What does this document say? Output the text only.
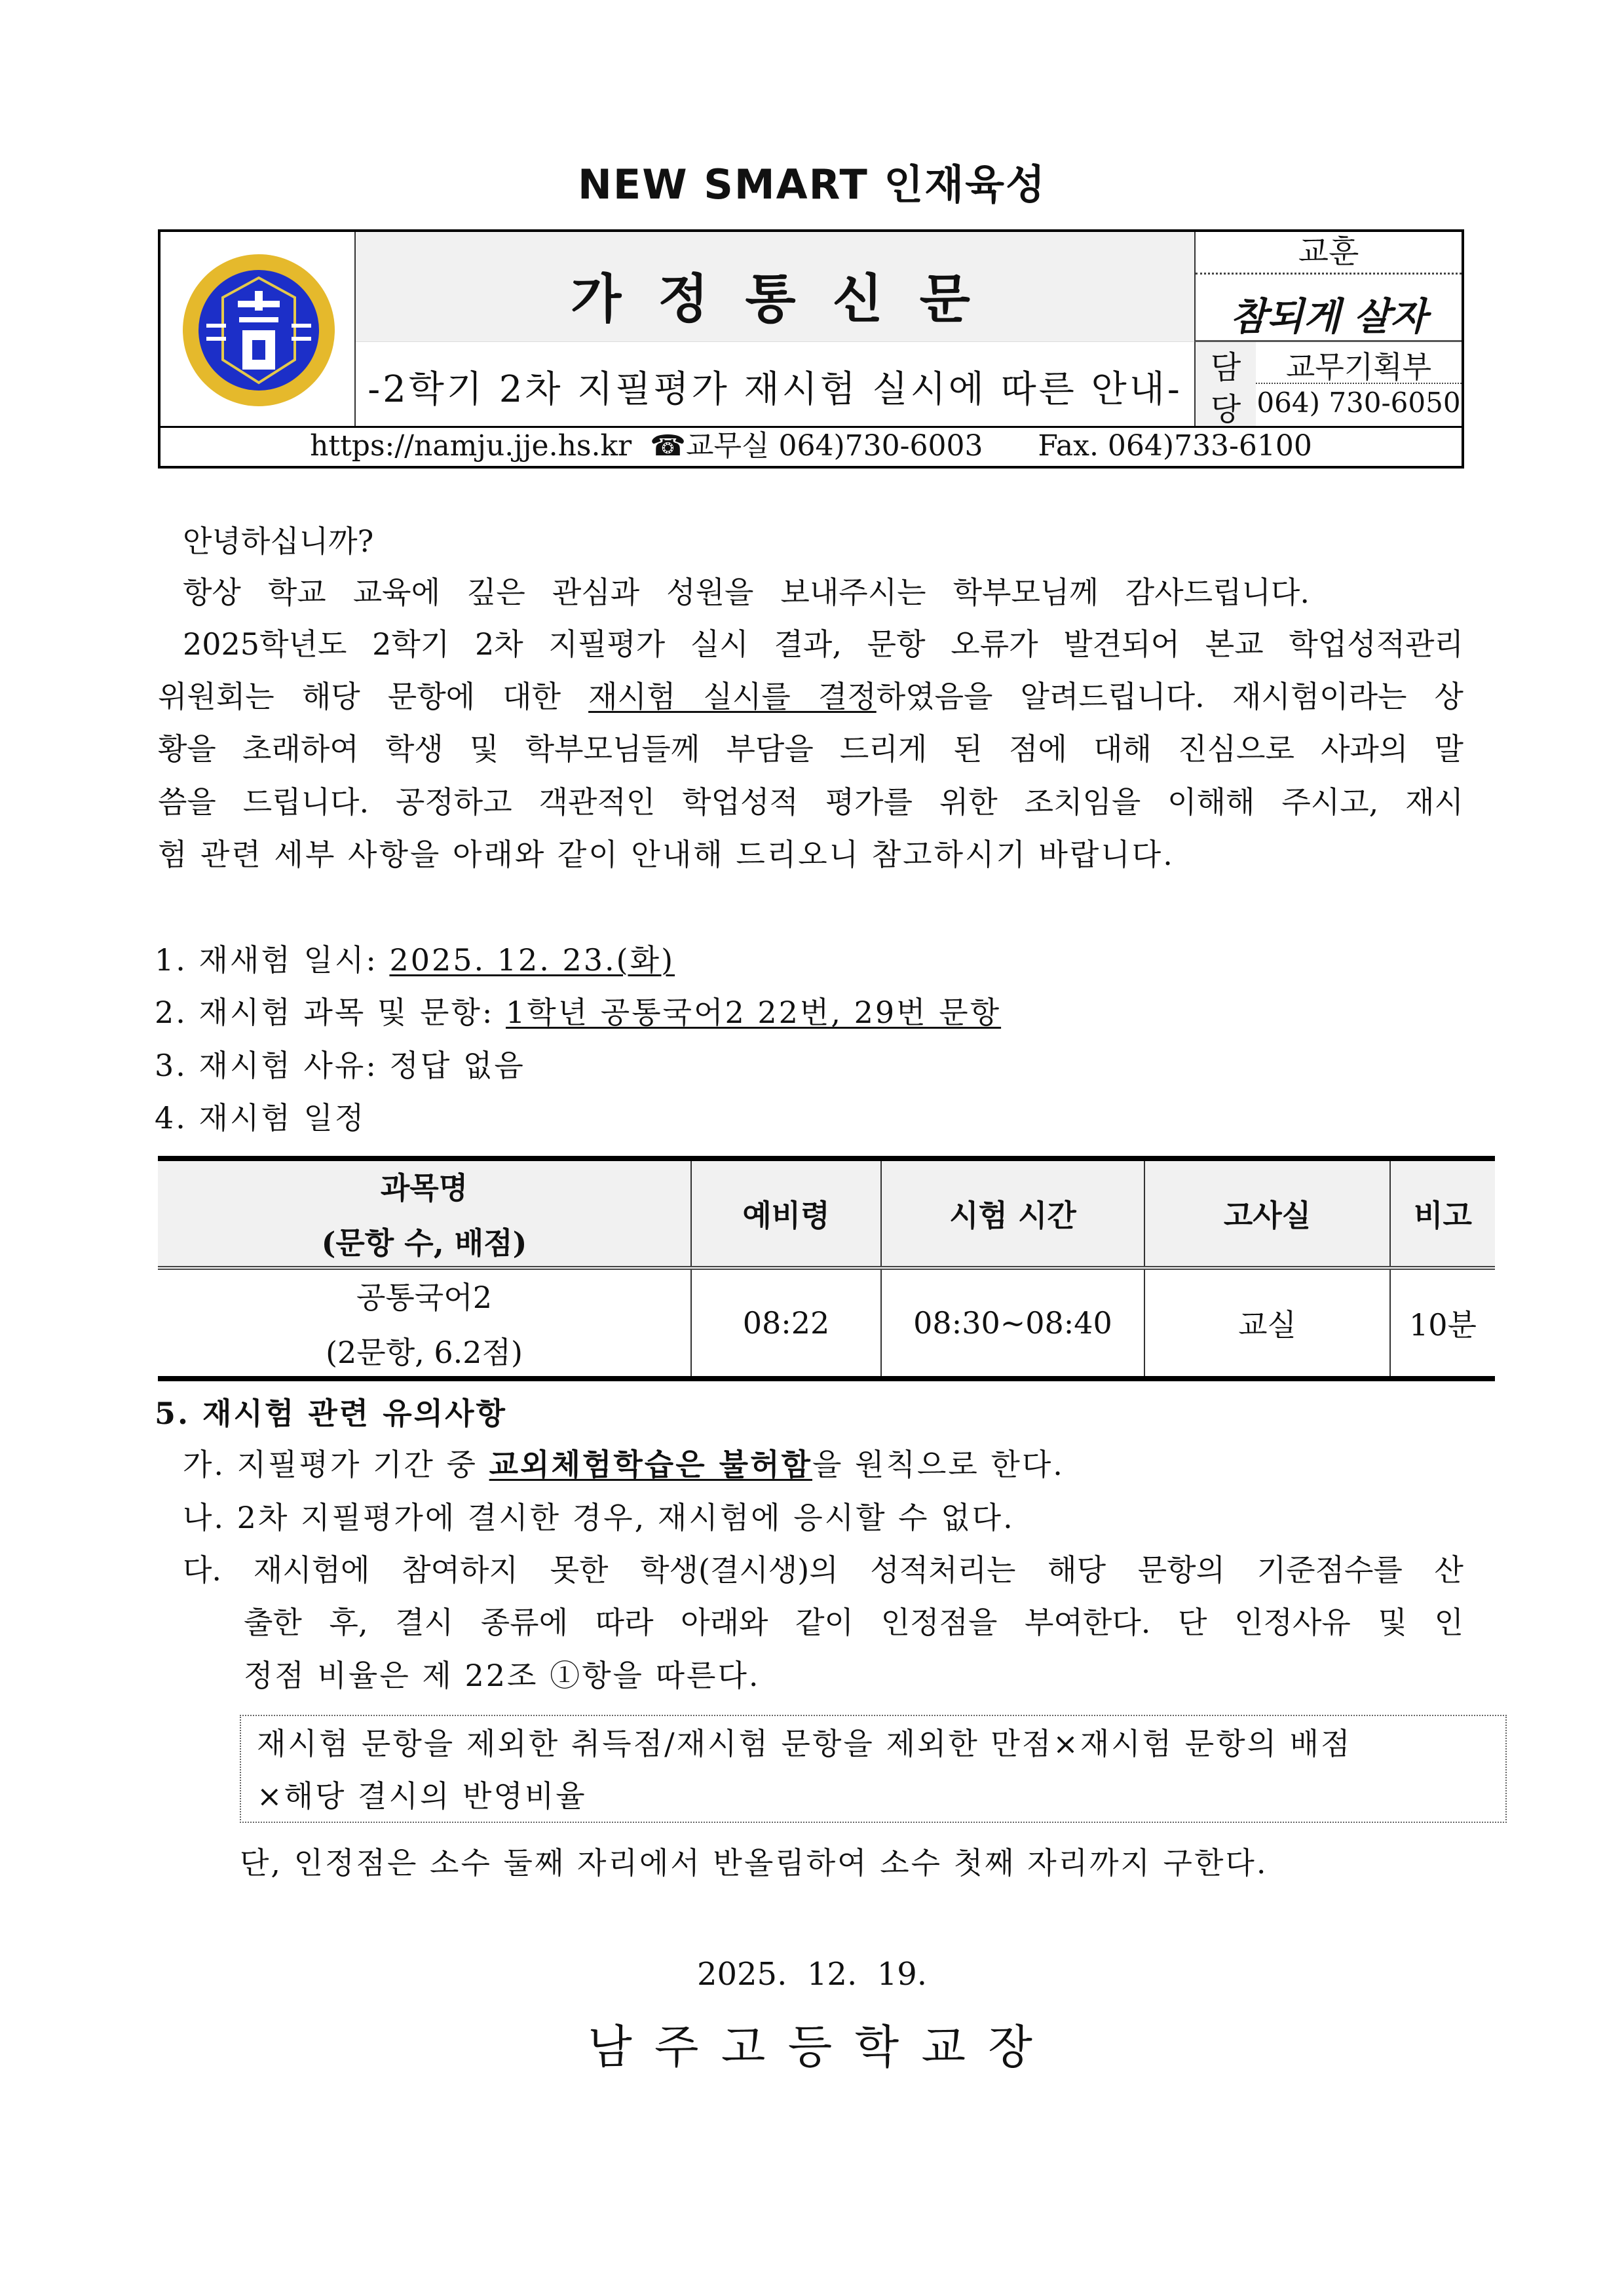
NEW SMART 인재육성
가 정 통 신 문
-2학기 2차 지필평가 재시험 실시에 따른 안내-
교훈
참되게 살자
담
당
교무기획부
064) 730-6050
https://namju.jje.hs.kr ☎교무실 064)730-6003 Fax. 064)733-6100
안녕하십니까?
항상 학교 교육에 깊은 관심과 성원을 보내주시는 학부모님께 감사드립니다.
2025학년도 2학기 2차 지필평가 실시 결과, 문항 오류가 발견되어 본교 학업성적관리
위원회는 해당 문항에 대한 재시험 실시를 결정하였음을 알려드립니다. 재시험이라는 상
황을 초래하여 학생 및 학부모님들께 부담을 드리게 된 점에 대해 진심으로 사과의 말
씀을 드립니다. 공정하고 객관적인 학업성적 평가를 위한 조치임을 이해해 주시고, 재시
험 관련 세부 사항을 아래와 같이 안내해 드리오니 참고하시기 바랍니다.
1. 재새험 일시: 2025. 12. 23.(화)
2. 재시험 과목 및 문항: 1학년 공통국어2 22번, 29번 문항
3. 재시험 사유: 정답 없음
4. 재시험 일정
과목명
(문항 수, 배점)	예비령	시험 시간	고사실	비고

공통국어2
(2문항, 6.2점)	08:22	08:30~08:40	교실	10분
5. 재시험 관련 유의사항
가. 지필평가 기간 중 교외체험학습은 불허함을 원칙으로 한다.
나. 2차 지필평가에 결시한 경우, 재시험에 응시할 수 없다.
다. 재시험에 참여하지 못한 학생(결시생)의 성적처리는 해당 문항의 기준점수를 산
출한 후, 결시 종류에 따라 아래와 같이 인정점을 부여한다. 단 인정사유 및 인
정점 비율은 제 22조 ①항을 따른다.
재시험 문항을 제외한 취득점/재시험 문항을 제외한 만점×재시험 문항의 배점
×해당 결시의 반영비율
단, 인정점은 소수 둘째 자리에서 반올림하여 소수 첫째 자리까지 구한다.
2025.  12.  19.
남 주 고 등 학 교 장
